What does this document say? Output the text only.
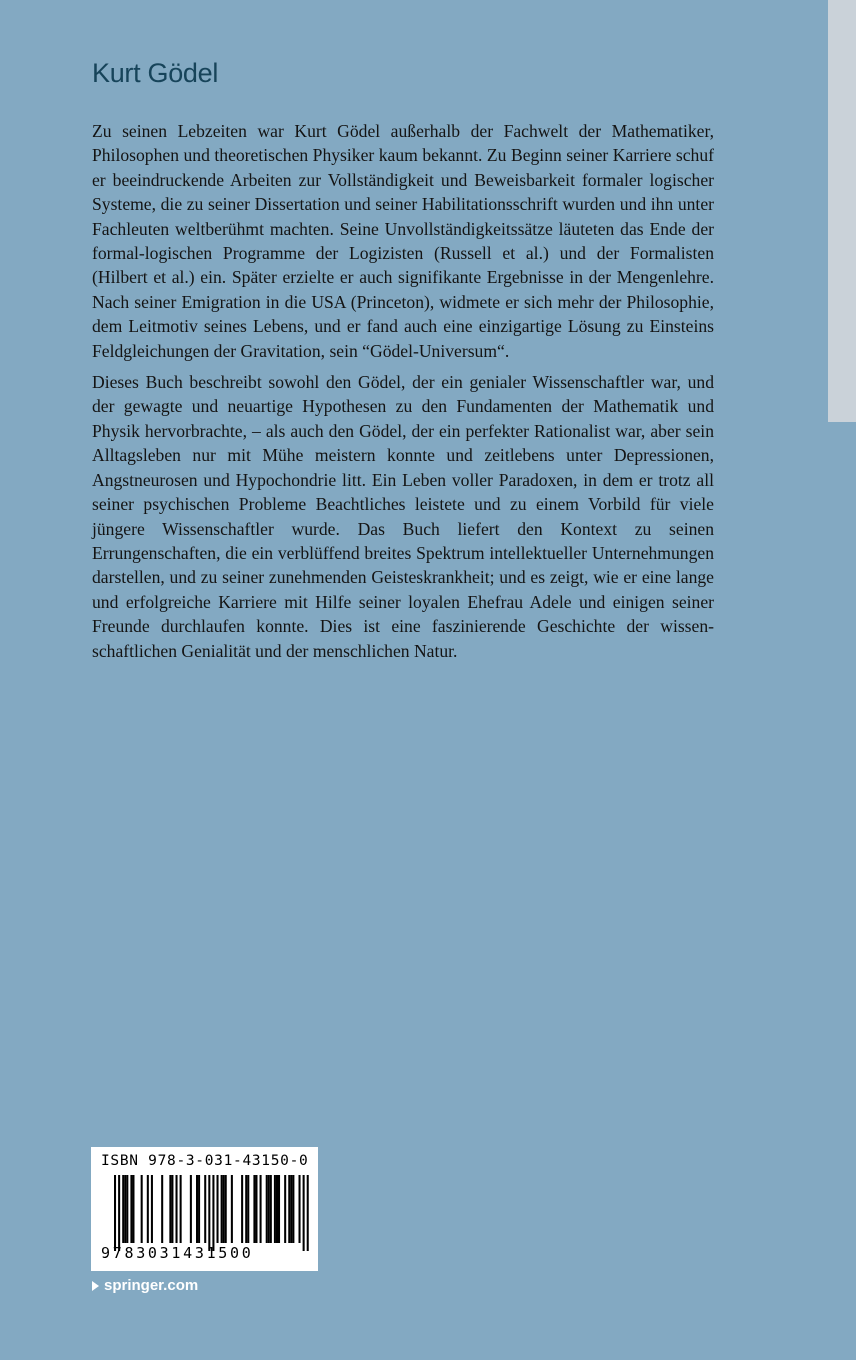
Kurt Gödel

Zu seinen Lebzeiten war Kurt Gödel außerhalb der Fachwelt der Mathematiker, Philosophen und theoretischen Physiker kaum bekannt. Zu Beginn seiner Karriere schuf er beeindruckende Arbeiten zur Vollständigkeit und Beweisbarkeit formaler logischer Systeme, die zu seiner Dissertation und seiner Habilitationsschrift wurden und ihn unter Fachleuten weltberühmt machten. Seine Unvollständigkeitssätze läuteten das Ende der formal-logischen Programme der Logizisten (Russell et al.) und der Formalisten (Hilbert et al.) ein. Später erzielte er auch signifikante Ergebnisse in der Mengenlehre. Nach seiner Emigration in die USA (Princeton), widmete er sich mehr der Philosophie, dem Leitmotiv seines Lebens, und er fand auch eine einzigartige Lösung zu Einsteins Feldgleichungen der Gravitation, sein “Gödel-Universum“.

Dieses Buch beschreibt sowohl den Gödel, der ein genialer Wissenschaftler war, und der gewagte und neuartige Hypothesen zu den Fundamenten der Mathematik und Physik hervorbrachte, – als auch den Gödel, der ein perfekter Rationalist war, aber sein Alltagsleben nur mit Mühe meistern konnte und zeitlebens unter Depressionen, Angstneurosen und Hypochondrie litt. Ein Leben voller Paradoxen, in dem er trotz all seiner psychischen Probleme Beachtliches leistete und zu einem Vorbild für viele jüngere Wissenschaftler wurde. Das Buch liefert den Kontext zu seinen Errungenschaften, die ein verblüffend breites Spektrum intellektueller Unternehmungen darstellen, und zu seiner zunehmenden Geisteskrankheit; und es zeigt, wie er eine lange und erfolgreiche Karriere mit Hilfe seiner loyalen Ehefrau Adele und einigen seiner Freunde durchlaufen konnte. Dies ist eine faszinierende Geschichte der wissen-schaftlichen Genialität und der menschlichen Natur.

ISBN 978-3-031-43150-0
9783031431500
springer.com
